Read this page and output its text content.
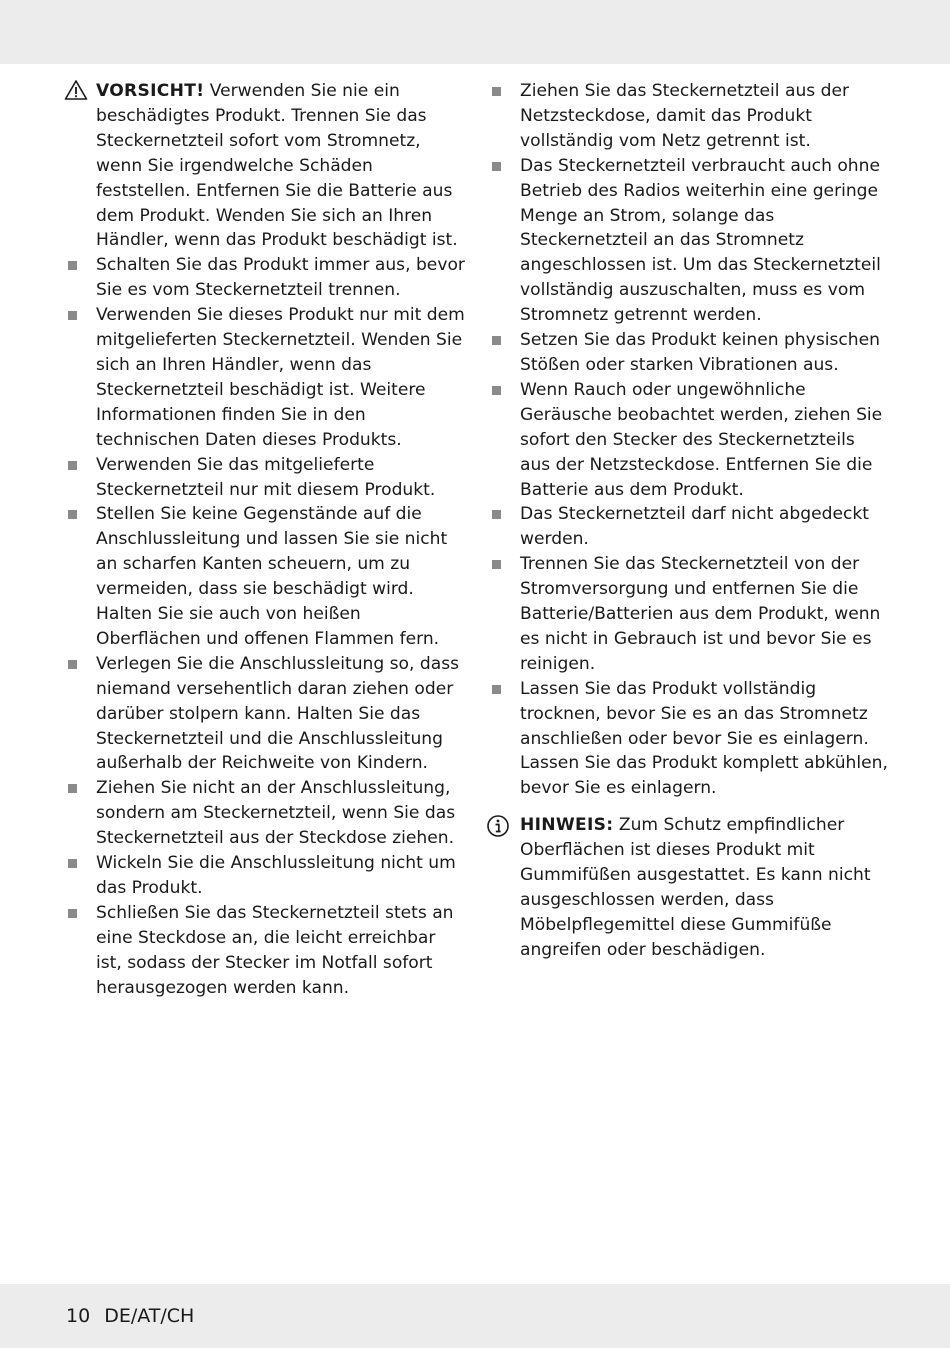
VORSICHT! Verwenden Sie nie ein beschädigtes Produkt. Trennen Sie das Steckernetzteil sofort vom Stromnetz, wenn Sie irgendwelche Schäden feststellen. Entfernen Sie die Batterie aus dem Produkt. Wenden Sie sich an Ihren Händler, wenn das Produkt beschädigt ist.
Schalten Sie das Produkt immer aus, bevor Sie es vom Steckernetzteil trennen.
Verwenden Sie dieses Produkt nur mit dem mitgelieferten Steckernetzteil. Wenden Sie sich an Ihren Händler, wenn das Steckernetzteil beschädigt ist. Weitere Informationen finden Sie in den technischen Daten dieses Produkts.
Verwenden Sie das mitgelieferte Steckernetzteil nur mit diesem Produkt.
Stellen Sie keine Gegenstände auf die Anschlussleitung und lassen Sie sie nicht an scharfen Kanten scheuern, um zu vermeiden, dass sie beschädigt wird. Halten Sie sie auch von heißen Oberflächen und offenen Flammen fern.
Verlegen Sie die Anschlussleitung so, dass niemand versehentlich daran ziehen oder darüber stolpern kann. Halten Sie das Steckernetzteil und die Anschlussleitung außerhalb der Reichweite von Kindern.
Ziehen Sie nicht an der Anschlussleitung, sondern am Steckernetzteil, wenn Sie das Steckernetzteil aus der Steckdose ziehen.
Wickeln Sie die Anschlussleitung nicht um das Produkt.
Schließen Sie das Steckernetzteil stets an eine Steckdose an, die leicht erreichbar ist, sodass der Stecker im Notfall sofort herausgezogen werden kann.
Ziehen Sie das Steckernetzteil aus der Netzsteckdose, damit das Produkt vollständig vom Netz getrennt ist.
Das Steckernetzteil verbraucht auch ohne Betrieb des Radios weiterhin eine geringe Menge an Strom, solange das Steckernetzteil an das Stromnetz angeschlossen ist. Um das Steckernetzteil vollständig auszuschalten, muss es vom Stromnetz getrennt werden.
Setzen Sie das Produkt keinen physischen Stößen oder starken Vibrationen aus.
Wenn Rauch oder ungewöhnliche Geräusche beobachtet werden, ziehen Sie sofort den Stecker des Steckernetzteils aus der Netzsteckdose. Entfernen Sie die Batterie aus dem Produkt.
Das Steckernetzteil darf nicht abgedeckt werden.
Trennen Sie das Steckernetzteil von der Stromversorgung und entfernen Sie die Batterie/Batterien aus dem Produkt, wenn es nicht in Gebrauch ist und bevor Sie es reinigen.
Lassen Sie das Produkt vollständig trocknen, bevor Sie es an das Stromnetz anschließen oder bevor Sie es einlagern. Lassen Sie das Produkt komplett abkühlen, bevor Sie es einlagern.
HINWEIS: Zum Schutz empfindlicher Oberflächen ist dieses Produkt mit Gummifüßen ausgestattet. Es kann nicht ausgeschlossen werden, dass Möbelpflegemittel diese Gummifüße angreifen oder beschädigen.
10 DE/AT/CH
